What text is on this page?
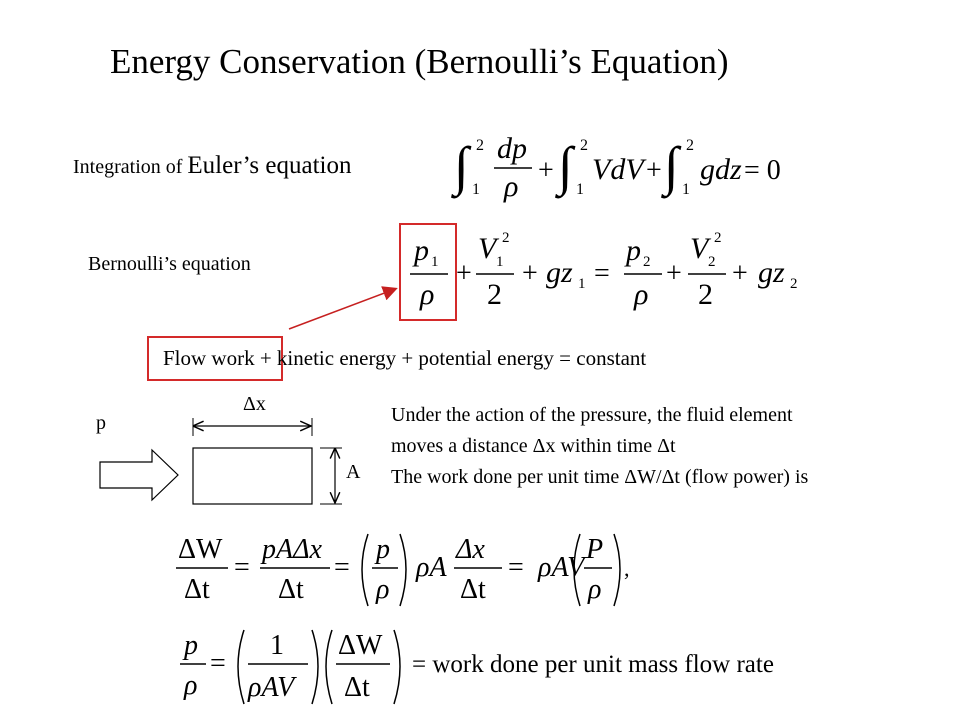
Energy Conservation (Bernoulli’s Equation)
Integration of Euler’s equation ∫ 2
1
dp
ρ + ∫ 2
1
VdV + ∫ 2
1
gdz = 0
Bernoulli’s equation	p 1
ρ
+
V 2
1
2
+ gz 1 =
p 2
ρ
+
V 2
2
2
+ gz 2
Flow work + kinetic energy + potential energy = constant
Δx
p
A
Under the action of the pressure, the fluid element
moves a distance Δx within time Δt
The work done per unit time ΔW/Δt (flow power) is
ΔW
Δt
=
pAΔx
Δt
=
p
ρ
ρA
Δx
Δt
= ρAV
P
ρ
,
p
ρ
=
1
ρAV
ΔW
Δt
= work done per unit mass flow rate
